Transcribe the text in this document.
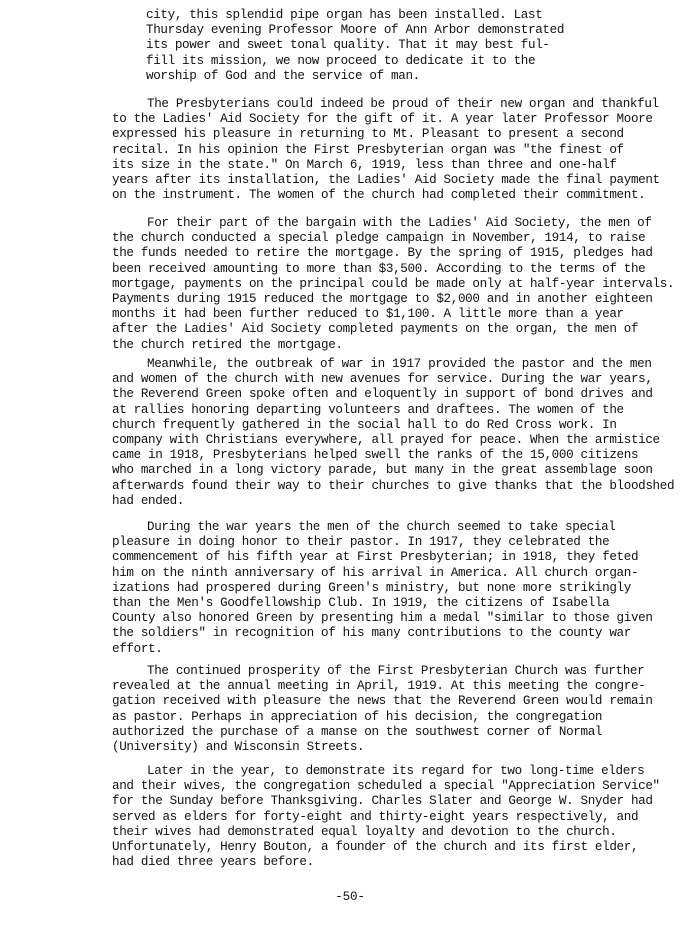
city, this splendid pipe organ has been installed. Last
Thursday evening Professor Moore of Ann Arbor demonstrated
its power and sweet tonal quality. That it may best ful-
fill its mission, we now proceed to dedicate it to the
worship of God and the service of man.
The Presbyterians could indeed be proud of their new organ and thankful
to the Ladies' Aid Society for the gift of it. A year later Professor Moore
expressed his pleasure in returning to Mt. Pleasant to present a second
recital. In his opinion the First Presbyterian organ was "the finest of
its size in the state." On March 6, 1919, less than three and one-half
years after its installation, the Ladies' Aid Society made the final payment
on the instrument. The women of the church had completed their commitment.
For their part of the bargain with the Ladies' Aid Society, the men of
the church conducted a special pledge campaign in November, 1914, to raise
the funds needed to retire the mortgage. By the spring of 1915, pledges had
been received amounting to more than $3,500. According to the terms of the
mortgage, payments on the principal could be made only at half-year intervals.
Payments during 1915 reduced the mortgage to $2,000 and in another eighteen
months it had been further reduced to $1,100. A little more than a year
after the Ladies' Aid Society completed payments on the organ, the men of
the church retired the mortgage.
Meanwhile, the outbreak of war in 1917 provided the pastor and the men
and women of the church with new avenues for service. During the war years,
the Reverend Green spoke often and eloquently in support of bond drives and
at rallies honoring departing volunteers and draftees. The women of the
church frequently gathered in the social hall to do Red Cross work. In
company with Christians everywhere, all prayed for peace. When the armistice
came in 1918, Presbyterians helped swell the ranks of the 15,000 citizens
who marched in a long victory parade, but many in the great assemblage soon
afterwards found their way to their churches to give thanks that the bloodshed
had ended.
During the war years the men of the church seemed to take special
pleasure in doing honor to their pastor. In 1917, they celebrated the
commencement of his fifth year at First Presbyterian; in 1918, they feted
him on the ninth anniversary of his arrival in America. All church organ-
izations had prospered during Green's ministry, but none more strikingly
than the Men's Goodfellowship Club. In 1919, the citizens of Isabella
County also honored Green by presenting him a medal "similar to those given
the soldiers" in recognition of his many contributions to the county war
effort.
The continued prosperity of the First Presbyterian Church was further
revealed at the annual meeting in April, 1919. At this meeting the congre-
gation received with pleasure the news that the Reverend Green would remain
as pastor. Perhaps in appreciation of his decision, the congregation
authorized the purchase of a manse on the southwest corner of Normal
(University) and Wisconsin Streets.
Later in the year, to demonstrate its regard for two long-time elders
and their wives, the congregation scheduled a special "Appreciation Service"
for the Sunday before Thanksgiving. Charles Slater and George W. Snyder had
served as elders for forty-eight and thirty-eight years respectively, and
their wives had demonstrated equal loyalty and devotion to the church.
Unfortunately, Henry Bouton, a founder of the church and its first elder,
had died three years before.
-50-
